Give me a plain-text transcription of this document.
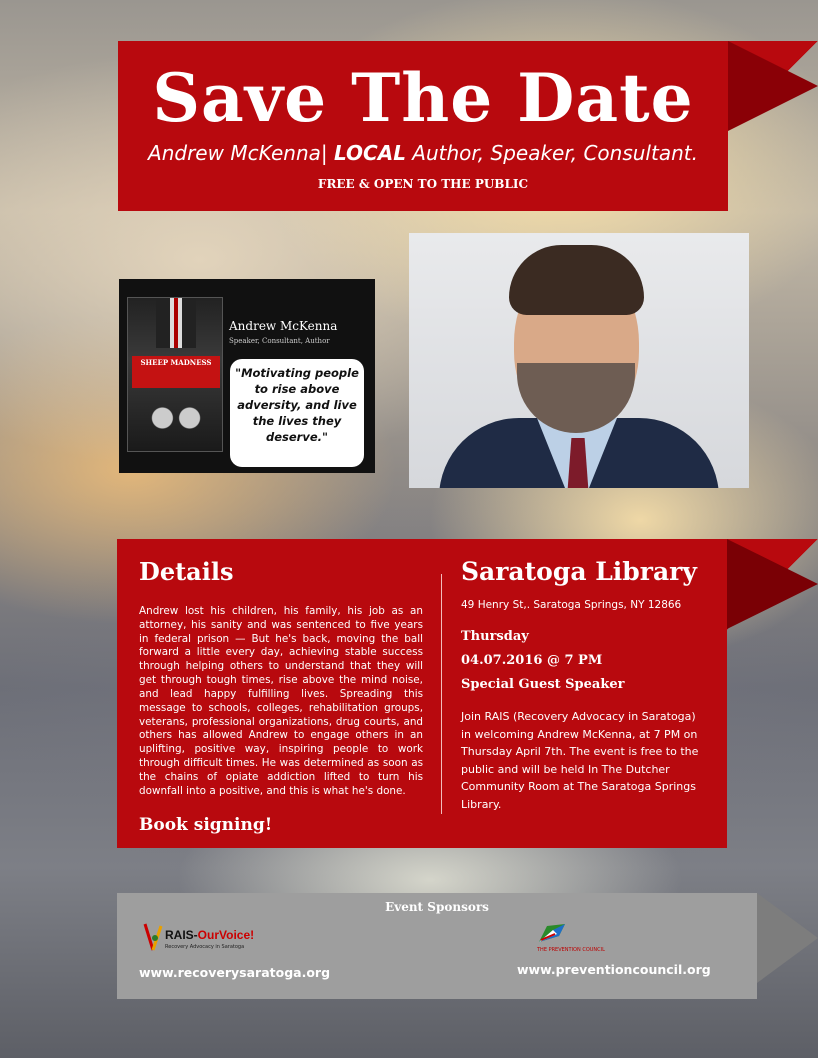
Save The Date
Andrew McKenna| LOCAL Author, Speaker, Consultant.
FREE & OPEN TO THE PUBLIC
SHEEP MADNESS
Andrew McKenna
Speaker, Consultant, Author
"Motivating people to rise above adversity, and live the lives they deserve."
Details
Andrew lost his children, his family, his job as an attorney, his sanity and was sentenced to five years in federal prison — But he's back, moving the ball forward a little every day, achieving stable success through helping others to understand that they will get through tough times, rise above the mind noise, and lead happy fulfilling lives. Spreading this message to schools, colleges, rehabilitation groups, veterans, professional organizations, drug courts, and others has allowed Andrew to engage others in an uplifting, positive way, inspiring people to work through difficult times. He was determined as soon as the chains of opiate addiction lifted to turn his downfall into a positive, and this is what he's done.
Book signing!
Saratoga Library
49 Henry St,. Saratoga Springs, NY 12866
Thursday
04.07.2016 @ 7 PM
Special Guest Speaker
Join RAIS (Recovery Advocacy in Saratoga) in welcoming Andrew McKenna, at 7 PM on Thursday April 7th. The event is free to the public and will be held In The Dutcher Community Room at The Saratoga Springs Library.
Event Sponsors
RAIS-OurVoice!
Recovery Advocacy in Saratoga
www.recoverysaratoga.org
THE PREVENTION COUNCIL
www.preventioncouncil.org
